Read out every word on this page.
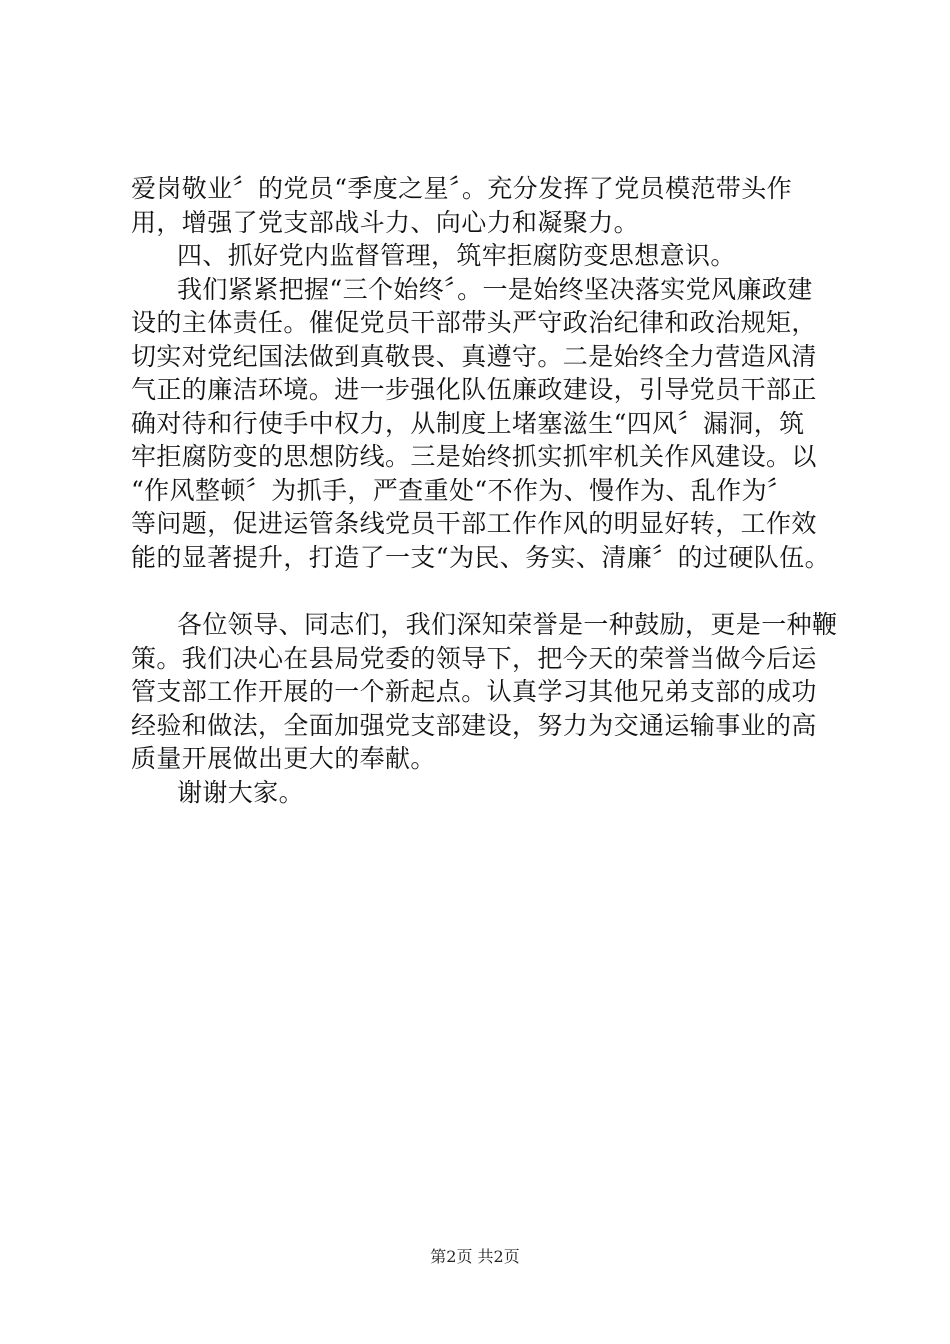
爱岗敬业〞的党员“季度之星〞。充分发挥了党员模范带头作
用，增强了党支部战斗力、向心力和凝聚力。
四、抓好党内监督管理，筑牢拒腐防变思想意识。
我们紧紧把握“三个始终〞。一是始终坚决落实党风廉政建
设的主体责任。催促党员干部带头严守政治纪律和政治规矩，
切实对党纪国法做到真敬畏、真遵守。二是始终全力营造风清
气正的廉洁环境。进一步强化队伍廉政建设，引导党员干部正
确对待和行使手中权力，从制度上堵塞滋生“四风〞漏洞，筑
牢拒腐防变的思想防线。三是始终抓实抓牢机关作风建设。以
“作风整顿〞为抓手，严查重处“不作为、慢作为、乱作为〞
等问题，促进运管条线党员干部工作作风的明显好转，工作效
能的显著提升，打造了一支“为民、务实、清廉〞的过硬队伍。
各位领导、同志们，我们深知荣誉是一种鼓励，更是一种鞭
策。我们决心在县局党委的领导下，把今天的荣誉当做今后运
管支部工作开展的一个新起点。认真学习其他兄弟支部的成功
经验和做法，全面加强党支部建设，努力为交通运输事业的高
质量开展做出更大的奉献。
谢谢大家。
第2页 共2页
